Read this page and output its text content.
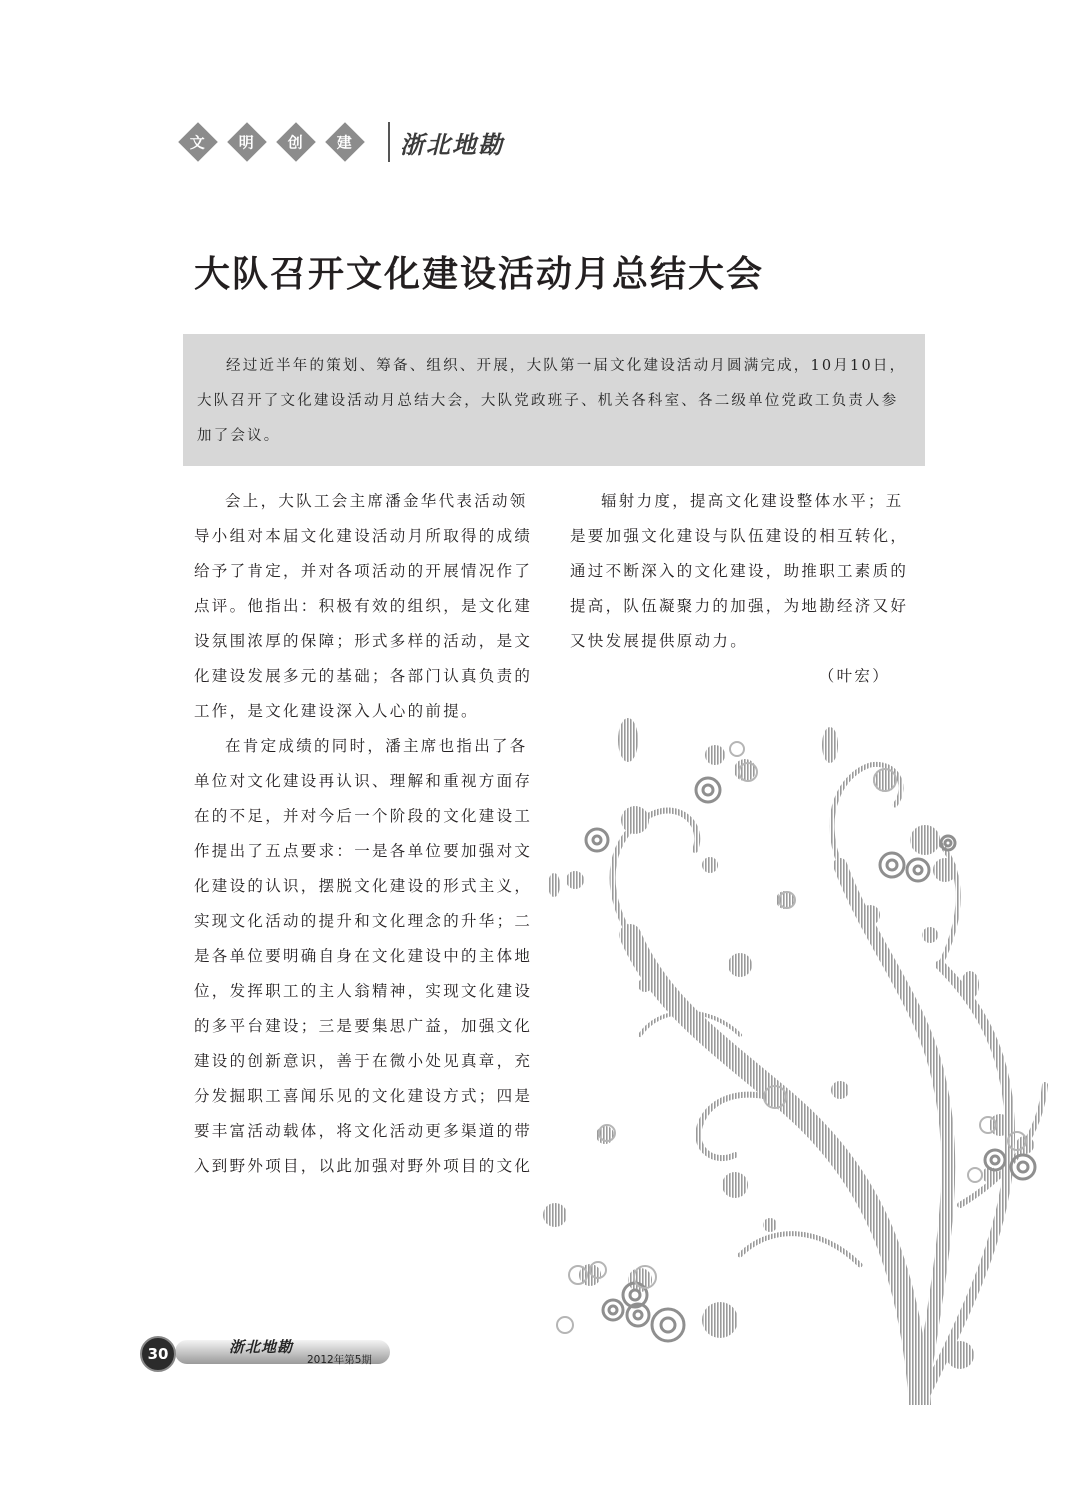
文 明 创 建 浙北地勘
大队召开文化建设活动月总结大会

经过近半年的策划、筹备、组织、开展，大队第一届文化建设活动月圆满完成，10月10日，大队召开了文化建设活动月总结大会，大队党政班子、机关各科室、各二级单位党政工负责人参加了会议。

会上，大队工会主席潘金华代表活动领导小组对本届文化建设活动月所取得的成绩给予了肯定，并对各项活动的开展情况作了点评。他指出：积极有效的组织，是文化建设氛围浓厚的保障；形式多样的活动，是文化建设发展多元的基础；各部门认真负责的工作，是文化建设深入人心的前提。

在肯定成绩的同时，潘主席也指出了各单位对文化建设再认识、理解和重视方面存在的不足，并对今后一个阶段的文化建设工作提出了五点要求：一是各单位要加强对文化建设的认识，摆脱文化建设的形式主义，实现文化活动的提升和文化理念的升华；二是各单位要明确自身在文化建设中的主体地位，发挥职工的主人翁精神，实现文化建设的多平台建设；三是要集思广益，加强文化建设的创新意识，善于在微小处见真章，充分发掘职工喜闻乐见的文化建设方式；四是要丰富活动载体，将文化活动更多渠道的带入到野外项目，以此加强对野外项目的文化

辐射力度，提高文化建设整体水平；五是要加强文化建设与队伍建设的相互转化，通过不断深入的文化建设，助推职工素质的提高，队伍凝聚力的加强，为地勘经济又好又快发展提供原动力。

（叶宏）

30	浙北地勘
2012年第5期
